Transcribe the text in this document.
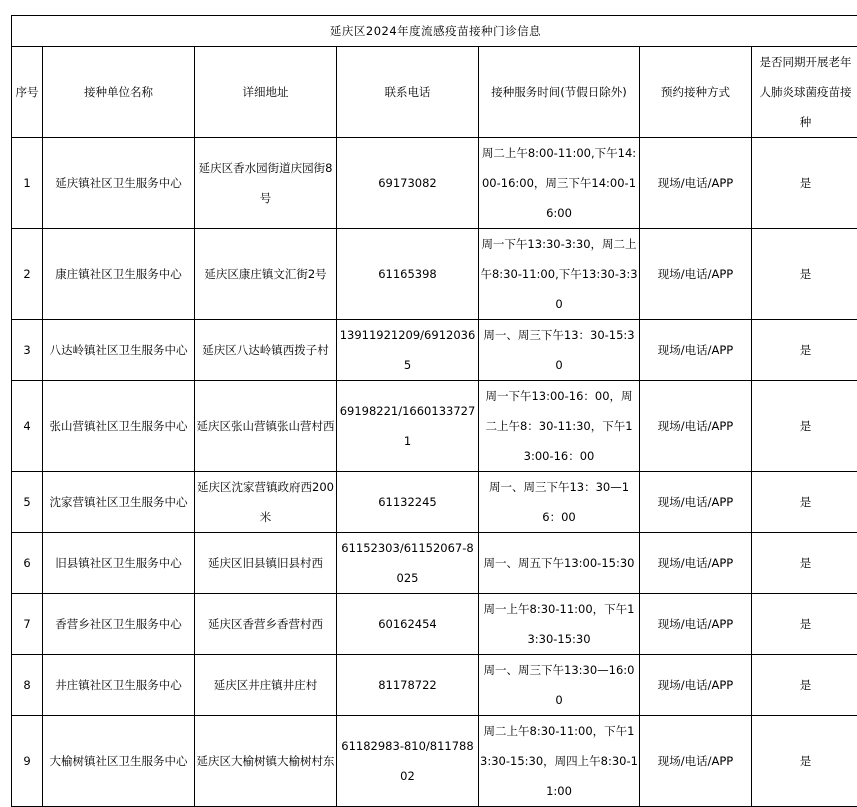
延庆区2024年度流感疫苗接种门诊信息						
序号	接种单位名称	详细地址	联系电话	接种服务时间(节假日除外)	预约接种方式	是否同期开展老年人肺炎球菌疫苗接种

1	延庆镇社区卫生服务中心	延庆区香水园街道庆园街8号	69173082	周二上午8:00-11:00,下午14:00-16:00，周三下午14:00-16:00	现场/电话/APP	是
2	康庄镇社区卫生服务中心	延庆区康庄镇文汇街2号	61165398	周一下午13:30-3:30，周二上午8:30-11:00,下午13:30-3:30	现场/电话/APP	是
3	八达岭镇社区卫生服务中心	延庆区八达岭镇西拨子村	13911921209/69120365	周一、周三下午13：30-15:30	现场/电话/APP	是
4	张山营镇社区卫生服务中心	延庆区张山营镇张山营村西	69198221/16601337271	周一下午13:00-16：00，周二上午8：30-11:30，下午13:00-16：00	现场/电话/APP	是
5	沈家营镇社区卫生服务中心	延庆区沈家营镇政府西200米	61132245	周一、周三下午13：30—16：00	现场/电话/APP	是
6	旧县镇社区卫生服务中心	延庆区旧县镇旧县村西	61152303/61152067-8025	周一、周五下午13:00-15:30	现场/电话/APP	是
7	香营乡社区卫生服务中心	延庆区香营乡香营村西	60162454	周一上午8:30-11:00，下午13:30-15:30	现场/电话/APP	是
8	井庄镇社区卫生服务中心	延庆区井庄镇井庄村	81178722	周一、周三下午13:30—16:00	现场/电话/APP	是
9	大榆树镇社区卫生服务中心	延庆区大榆树镇大榆树村东	61182983-810/81178802	周二上午8:30-11:00，下午13:30-15:30，周四上午8:30-11:00	现场/电话/APP	是
